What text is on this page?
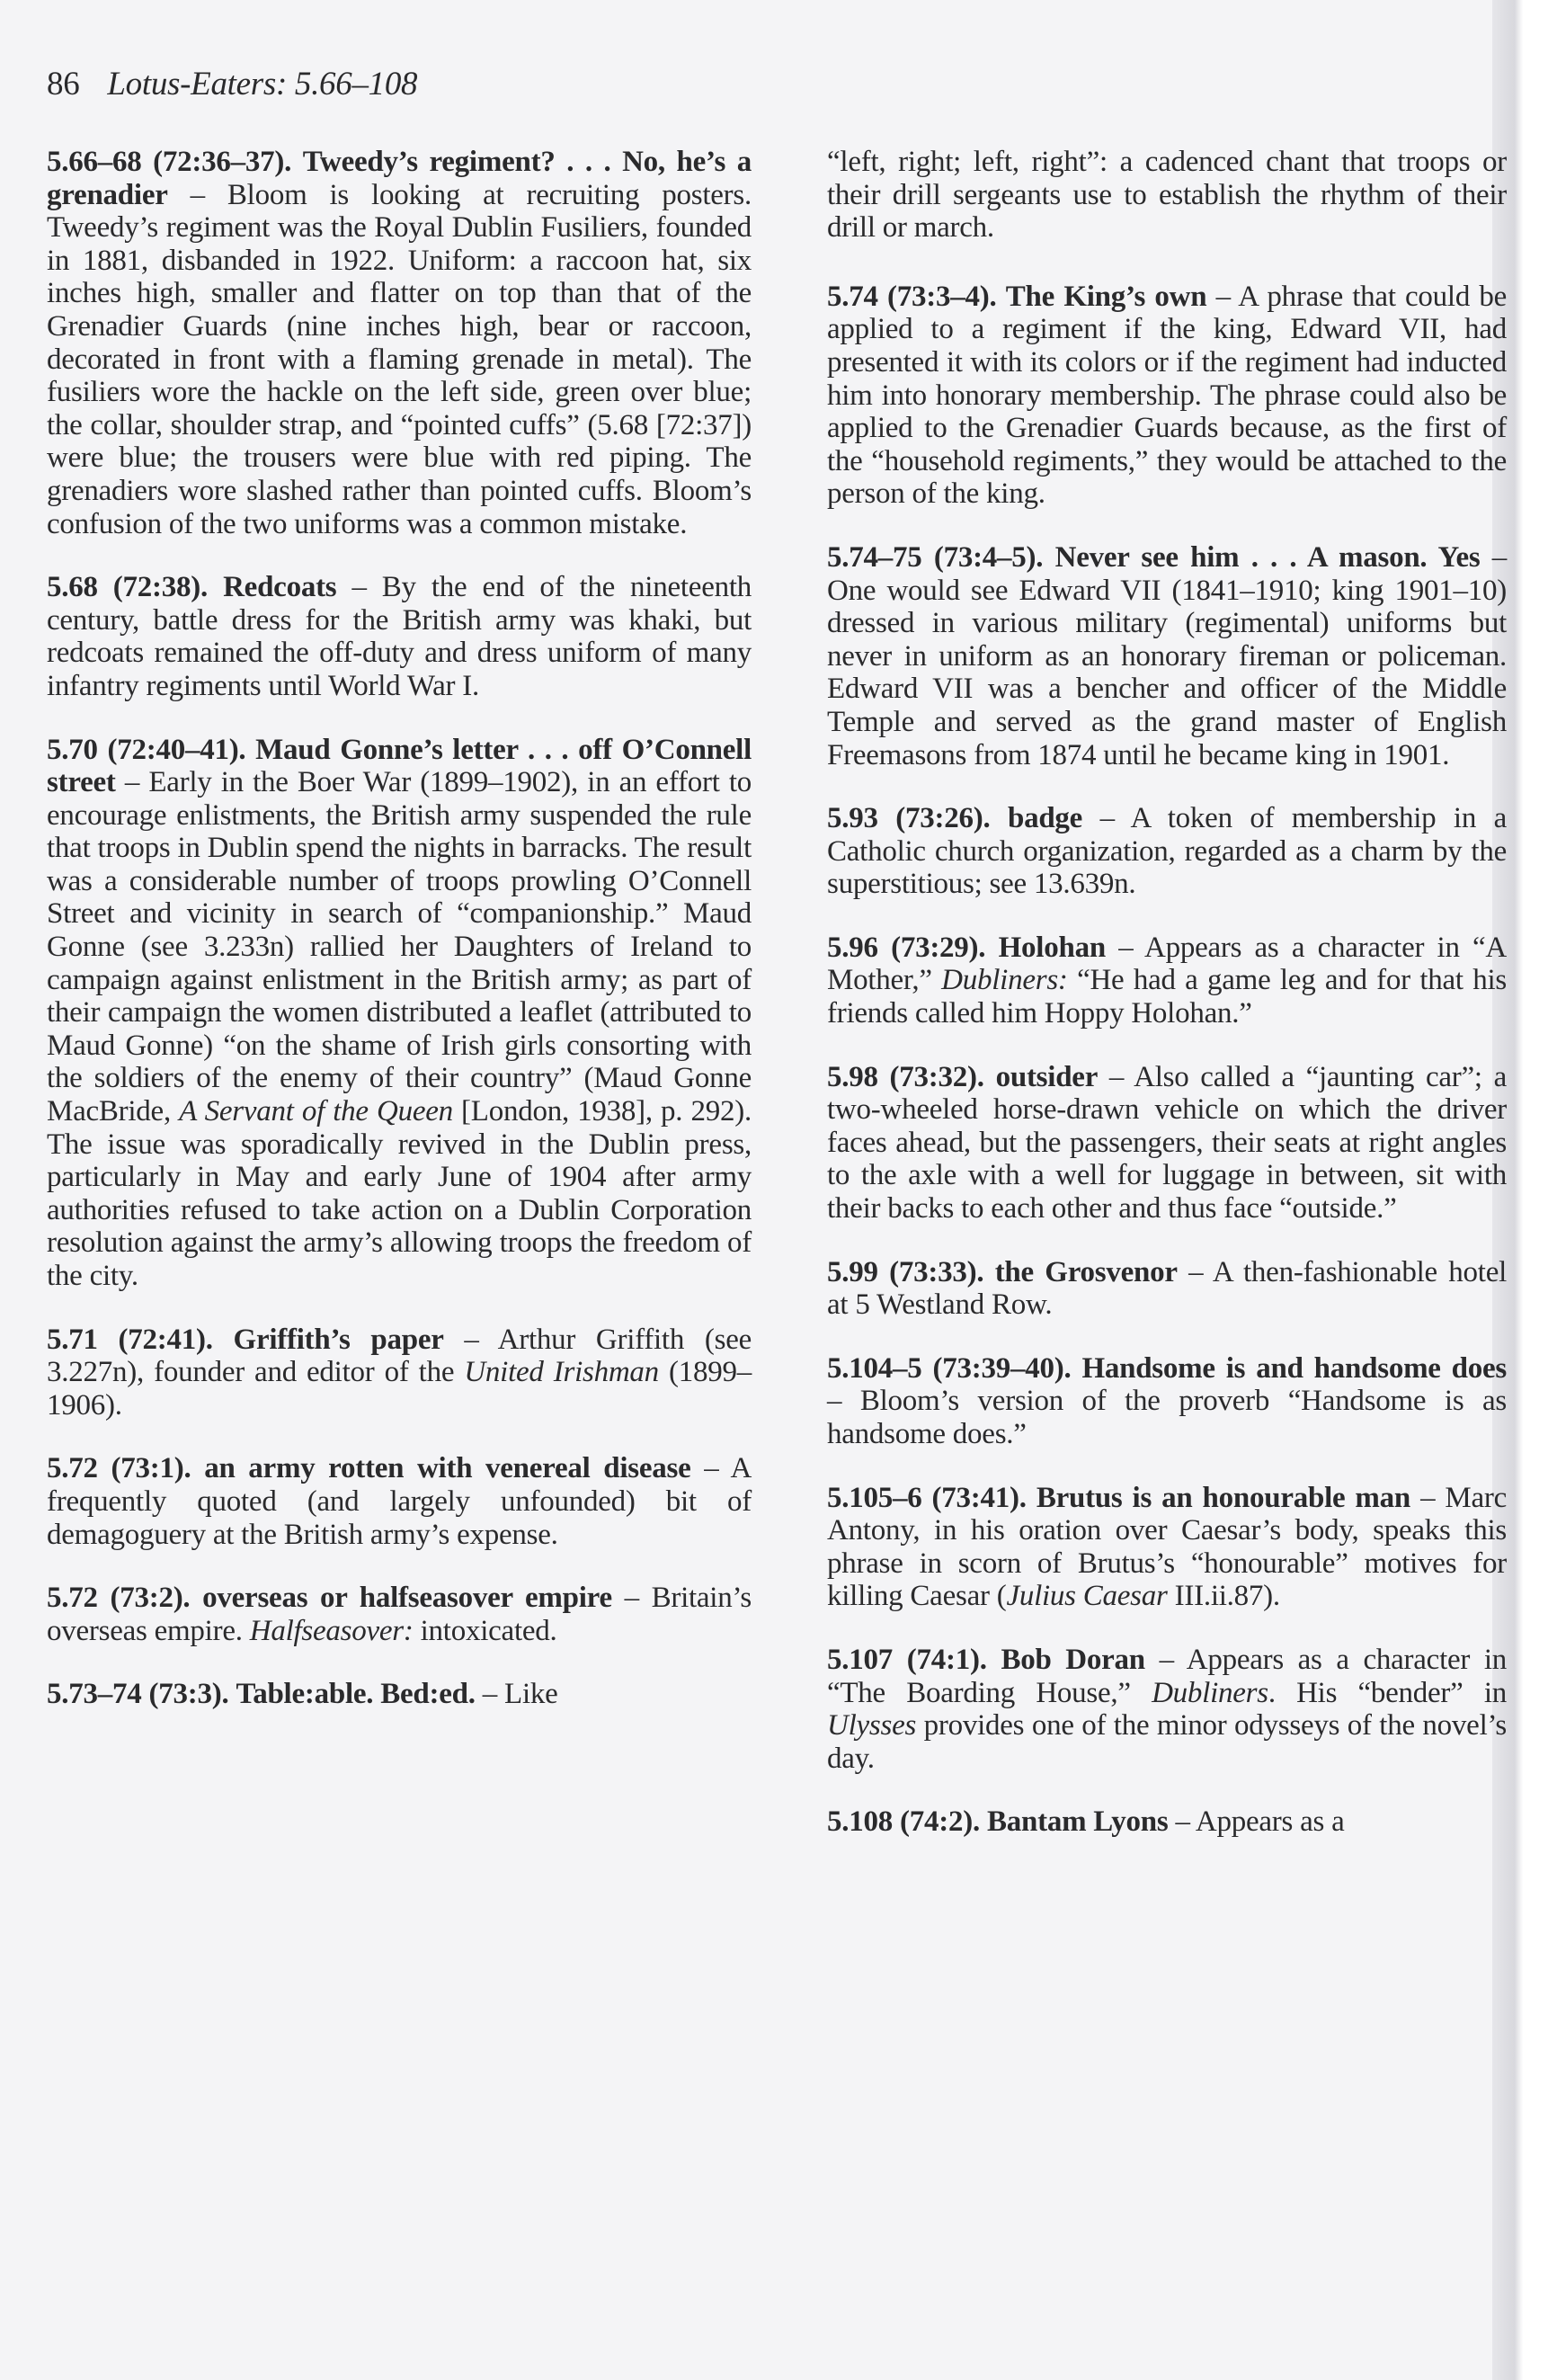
86 Lotus-Eaters: 5.66–108

5.66–68 (72:36–37). Tweedy’s regiment? . . . No, he’s a grenadier – Bloom is looking at recruiting posters. Tweedy’s regiment was the Royal Dublin Fusiliers, founded in 1881, disbanded in 1922. Uniform: a raccoon hat, six inches high, smaller and flatter on top than that of the Grenadier Guards (nine inches high, bear or raccoon, decorated in front with a flaming grenade in metal). The fusiliers wore the hackle on the left side, green over blue; the collar, shoulder strap, and “pointed cuffs” (5.68 [72:37]) were blue; the trousers were blue with red piping. The grenadiers wore slashed rather than pointed cuffs. Bloom’s confusion of the two uniforms was a common mistake.

5.68 (72:38). Redcoats – By the end of the nineteenth century, battle dress for the British army was khaki, but redcoats remained the off-duty and dress uniform of many infantry regiments until World War I.

5.70 (72:40–41). Maud Gonne’s letter . . . off O’Connell street – Early in the Boer War (1899–1902), in an effort to encourage enlistments, the British army suspended the rule that troops in Dublin spend the nights in barracks. The result was a considerable number of troops prowling O’Connell Street and vicinity in search of “companionship.” Maud Gonne (see 3.233n) rallied her Daughters of Ireland to campaign against enlistment in the British army; as part of their campaign the women distributed a leaflet (attributed to Maud Gonne) “on the shame of Irish girls consorting with the soldiers of the enemy of their country” (Maud Gonne MacBride, A Servant of the Queen [London, 1938], p. 292). The issue was sporadically revived in the Dublin press, particularly in May and early June of 1904 after army authorities refused to take action on a Dublin Corporation resolution against the army’s allowing troops the freedom of the city.

5.71 (72:41). Griffith’s paper – Arthur Griffith (see 3.227n), founder and editor of the United Irishman (1899–1906).

5.72 (73:1). an army rotten with venereal disease – A frequently quoted (and largely unfounded) bit of demagoguery at the British army’s expense.

5.72 (73:2). overseas or halfseasover empire – Britain’s overseas empire. Halfseasover: intoxicated.

5.73–74 (73:3). Table:able. Bed:ed. – Like

“left, right; left, right”: a cadenced chant that troops or their drill sergeants use to establish the rhythm of their drill or march.

5.74 (73:3–4). The King’s own – A phrase that could be applied to a regiment if the king, Edward VII, had presented it with its colors or if the regiment had inducted him into honorary membership. The phrase could also be applied to the Grenadier Guards because, as the first of the “household regiments,” they would be attached to the person of the king.

5.74–75 (73:4–5). Never see him . . . A mason. Yes – One would see Edward VII (1841–1910; king 1901–10) dressed in various military (regimental) uniforms but never in uniform as an honorary fireman or policeman. Edward VII was a bencher and officer of the Middle Temple and served as the grand master of English Freemasons from 1874 until he became king in 1901.

5.93 (73:26). badge – A token of membership in a Catholic church organization, regarded as a charm by the superstitious; see 13.639n.

5.96 (73:29). Holohan – Appears as a character in “A Mother,” Dubliners: “He had a game leg and for that his friends called him Hoppy Holohan.”

5.98 (73:32). outsider – Also called a “jaunting car”; a two-wheeled horse-drawn vehicle on which the driver faces ahead, but the passengers, their seats at right angles to the axle with a well for luggage in between, sit with their backs to each other and thus face “outside.”

5.99 (73:33). the Grosvenor – A then-fashionable hotel at 5 Westland Row.

5.104–5 (73:39–40). Handsome is and handsome does – Bloom’s version of the proverb “Handsome is as handsome does.”

5.105–6 (73:41). Brutus is an honourable man – Marc Antony, in his oration over Caesar’s body, speaks this phrase in scorn of Brutus’s “honourable” motives for killing Caesar (Julius Caesar III.ii.87).

5.107 (74:1). Bob Doran – Appears as a character in “The Boarding House,” Dubliners. His “bender” in Ulysses provides one of the minor odysseys of the novel’s day.

5.108 (74:2). Bantam Lyons – Appears as a
